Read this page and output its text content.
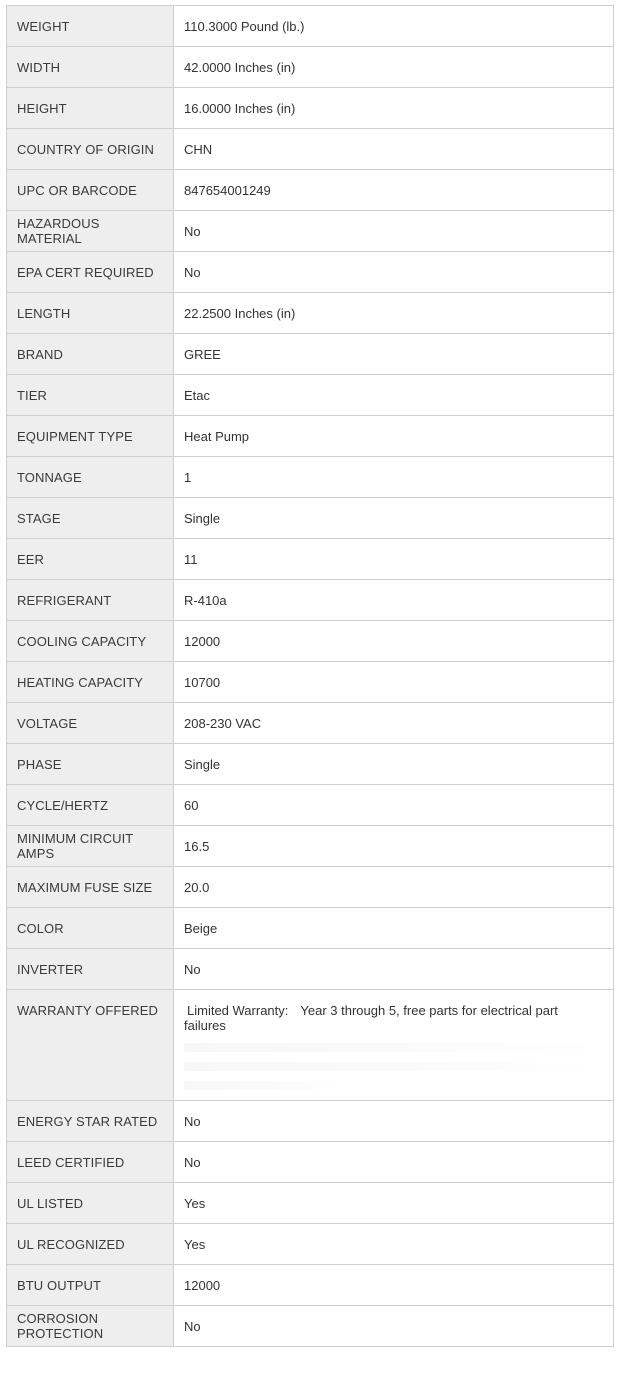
WEIGHT	110.3000 Pound (lb.)
WIDTH	42.0000 Inches (in)
HEIGHT	16.0000 Inches (in)
COUNTRY OF ORIGIN	CHN
UPC OR BARCODE	847654001249
HAZARDOUS MATERIAL	No
EPA CERT REQUIRED	No
LENGTH	22.2500 Inches (in)
BRAND	GREE
TIER	Etac
EQUIPMENT TYPE	Heat Pump
TONNAGE	1
STAGE	Single
EER	11
REFRIGERANT	R-410a
COOLING CAPACITY	12000
HEATING CAPACITY	10700
VOLTAGE	208-230 VAC
PHASE	Single
CYCLE/HERTZ	60
MINIMUM CIRCUIT AMPS	16.5
MAXIMUM FUSE SIZE	20.0
COLOR	Beige
INVERTER	No
WARRANTY OFFERED	Limited Warranty: Year 3 through 5, free parts for electrical part failures

ENERGY STAR RATED	No
LEED CERTIFIED	No
UL LISTED	Yes
UL RECOGNIZED	Yes
BTU OUTPUT	12000
CORROSION PROTECTION	No
